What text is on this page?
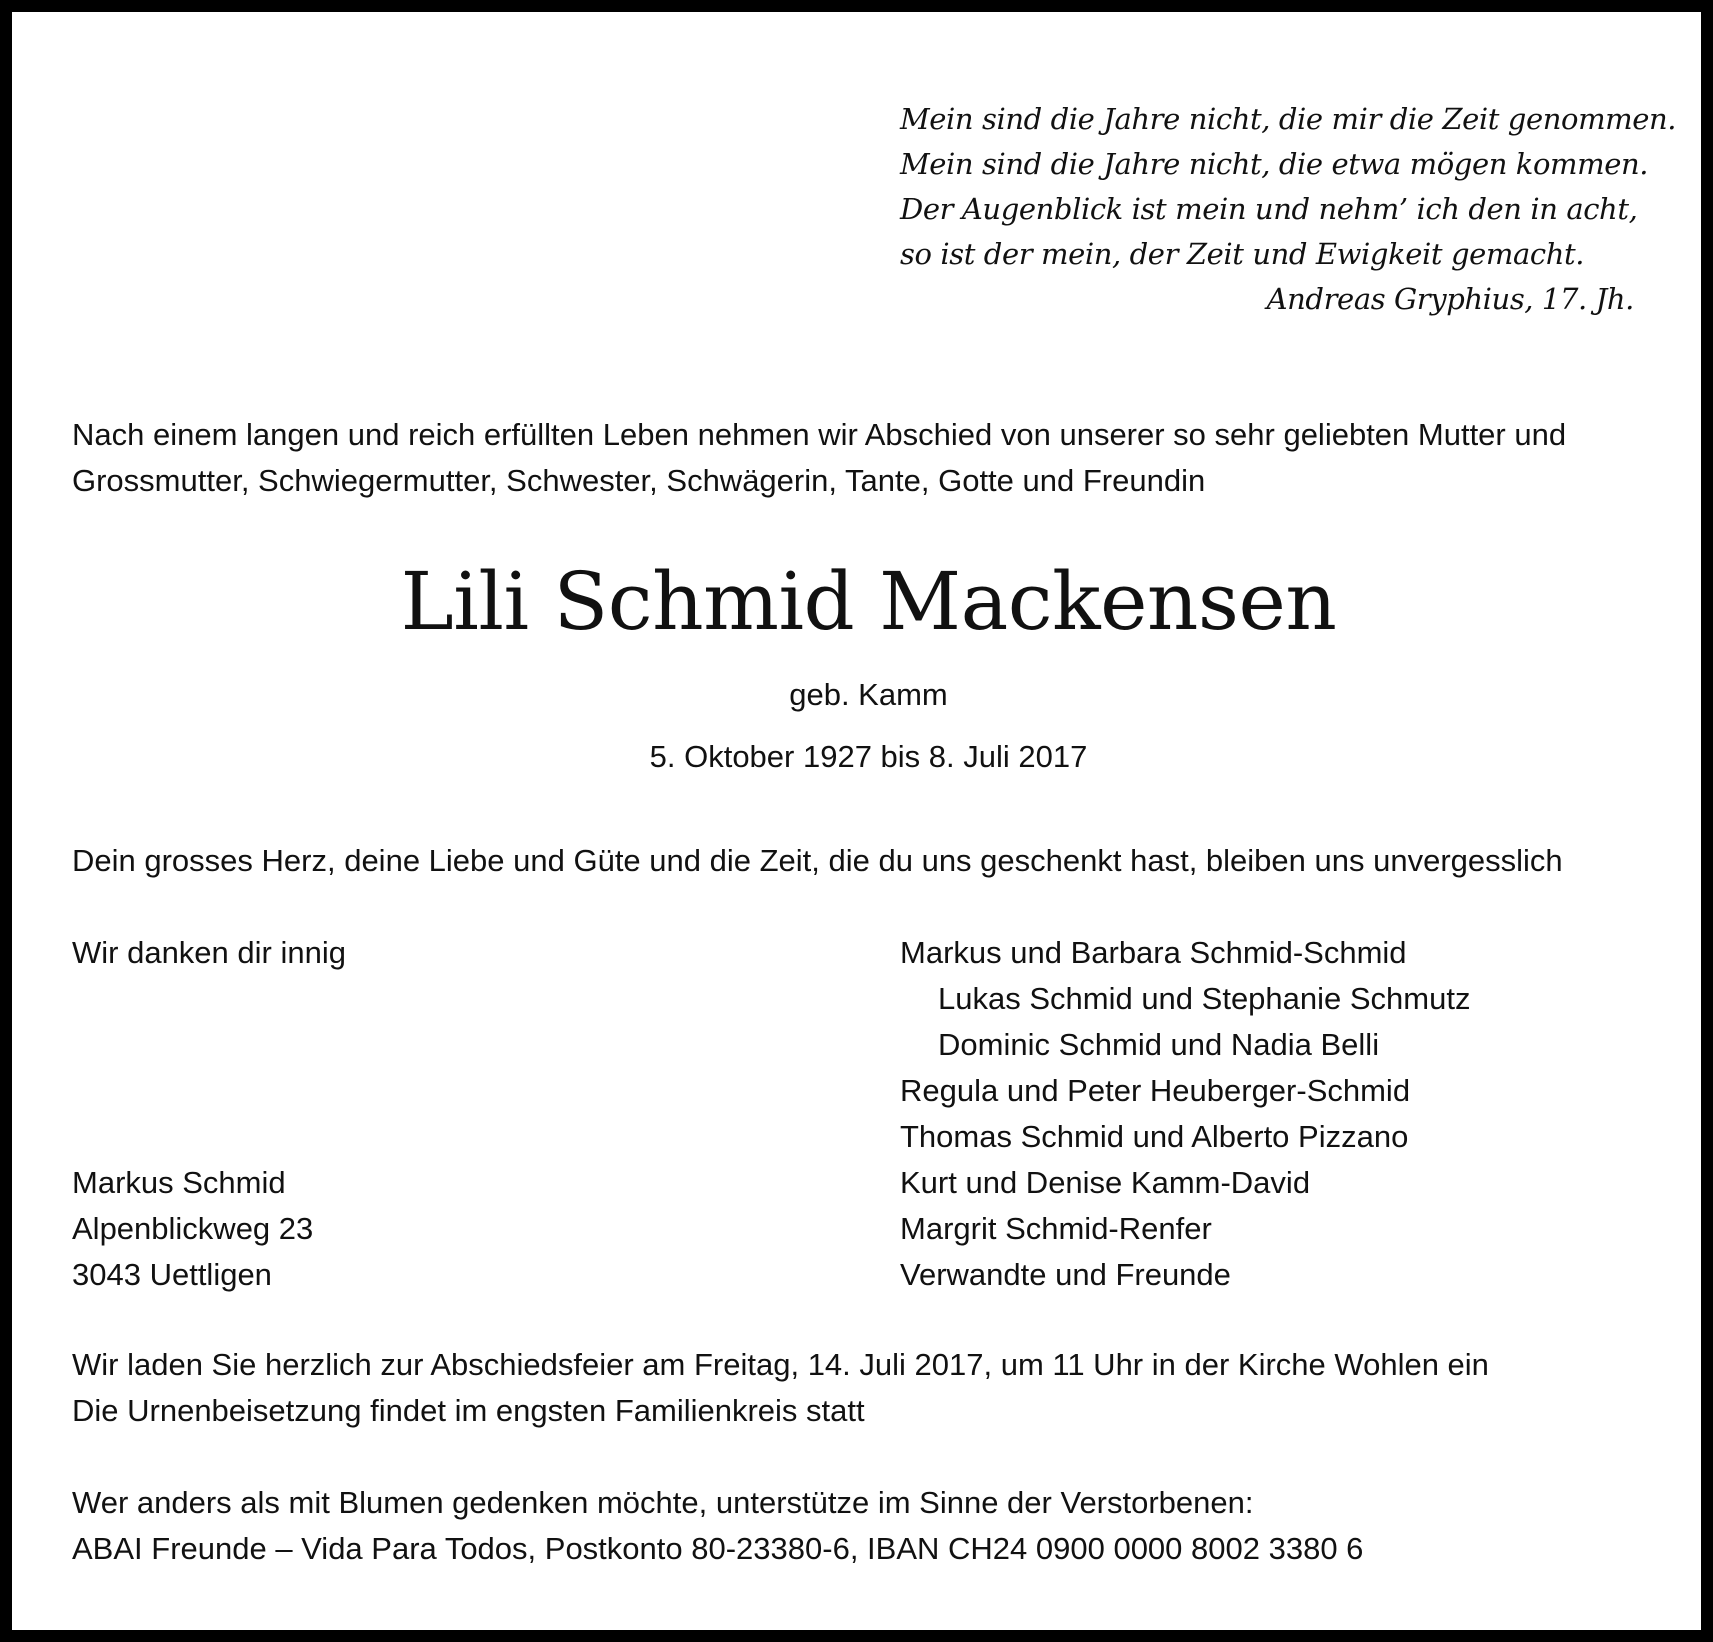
Mein sind die Jahre nicht, die mir die Zeit genommen.
Mein sind die Jahre nicht, die etwa mögen kommen.
Der Augenblick ist mein und nehm’ ich den in acht,
so ist der mein, der Zeit und Ewigkeit gemacht.
Andreas Gryphius, 17. Jh.
Nach einem langen und reich erfüllten Leben nehmen wir Abschied von unserer so sehr geliebten Mutter und
Grossmutter, Schwiegermutter, Schwester, Schwägerin, Tante, Gotte und Freundin
Lili Schmid Mackensen
geb. Kamm
5. Oktober 1927 bis 8. Juli 2017
Dein grosses Herz, deine Liebe und Güte und die Zeit, die du uns geschenkt hast, bleiben uns unvergesslich
Wir danken dir innig	Markus und Barbara Schmid-Schmid
Lukas Schmid und Stephanie Schmutz
Dominic Schmid und Nadia Belli
Regula und Peter Heuberger-Schmid
Thomas Schmid und Alberto Pizzano
Kurt und Denise Kamm-David
Margrit Schmid-Renfer
Verwandte und Freunde
Markus Schmid
Alpenblickweg 23
3043 Uettligen
Wir laden Sie herzlich zur Abschiedsfeier am Freitag, 14. Juli 2017, um 11 Uhr in der Kirche Wohlen ein
Die Urnenbeisetzung findet im engsten Familienkreis statt
Wer anders als mit Blumen gedenken möchte, unterstütze im Sinne der Verstorbenen:
ABAI Freunde – Vida Para Todos, Postkonto 80-23380-6, IBAN CH24 0900 0000 8002 3380 6
